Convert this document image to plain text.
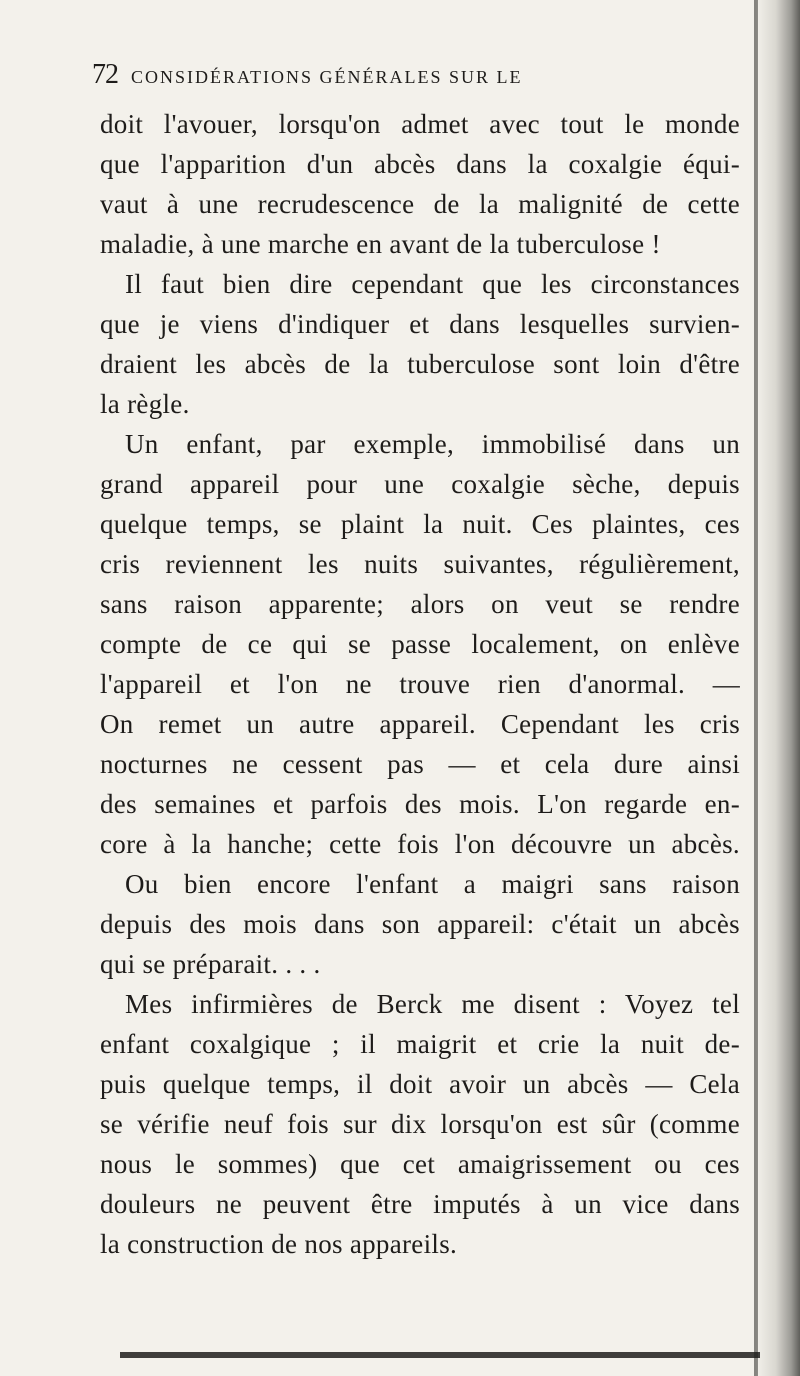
72 CONSIDÉRATIONS GÉNÉRALES SUR LE
doit l'avouer, lorsqu'on admet avec tout le monde
que l'apparition d'un abcès dans la coxalgie équi-
vaut à une recrudescence de la malignité de cette
maladie, à une marche en avant de la tuberculose !
Il faut bien dire cependant que les circonstances
que je viens d'indiquer et dans lesquelles survien-
draient les abcès de la tuberculose sont loin d'être
la règle.
Un enfant, par exemple, immobilisé dans un
grand appareil pour une coxalgie sèche, depuis
quelque temps, se plaint la nuit. Ces plaintes, ces
cris reviennent les nuits suivantes, régulièrement,
sans raison apparente; alors on veut se rendre
compte de ce qui se passe localement, on enlève
l'appareil et l'on ne trouve rien d'anormal. —
On remet un autre appareil. Cependant les cris
nocturnes ne cessent pas — et cela dure ainsi
des semaines et parfois des mois. L'on regarde en-
core à la hanche; cette fois l'on découvre un abcès.
Ou bien encore l'enfant a maigri sans raison
depuis des mois dans son appareil: c'était un abcès
qui se préparait. . . .
Mes infirmières de Berck me disent : Voyez tel
enfant coxalgique ; il maigrit et crie la nuit de-
puis quelque temps, il doit avoir un abcès — Cela
se vérifie neuf fois sur dix lorsqu'on est sûr (comme
nous le sommes) que cet amaigrissement ou ces
douleurs ne peuvent être imputés à un vice dans
la construction de nos appareils.
